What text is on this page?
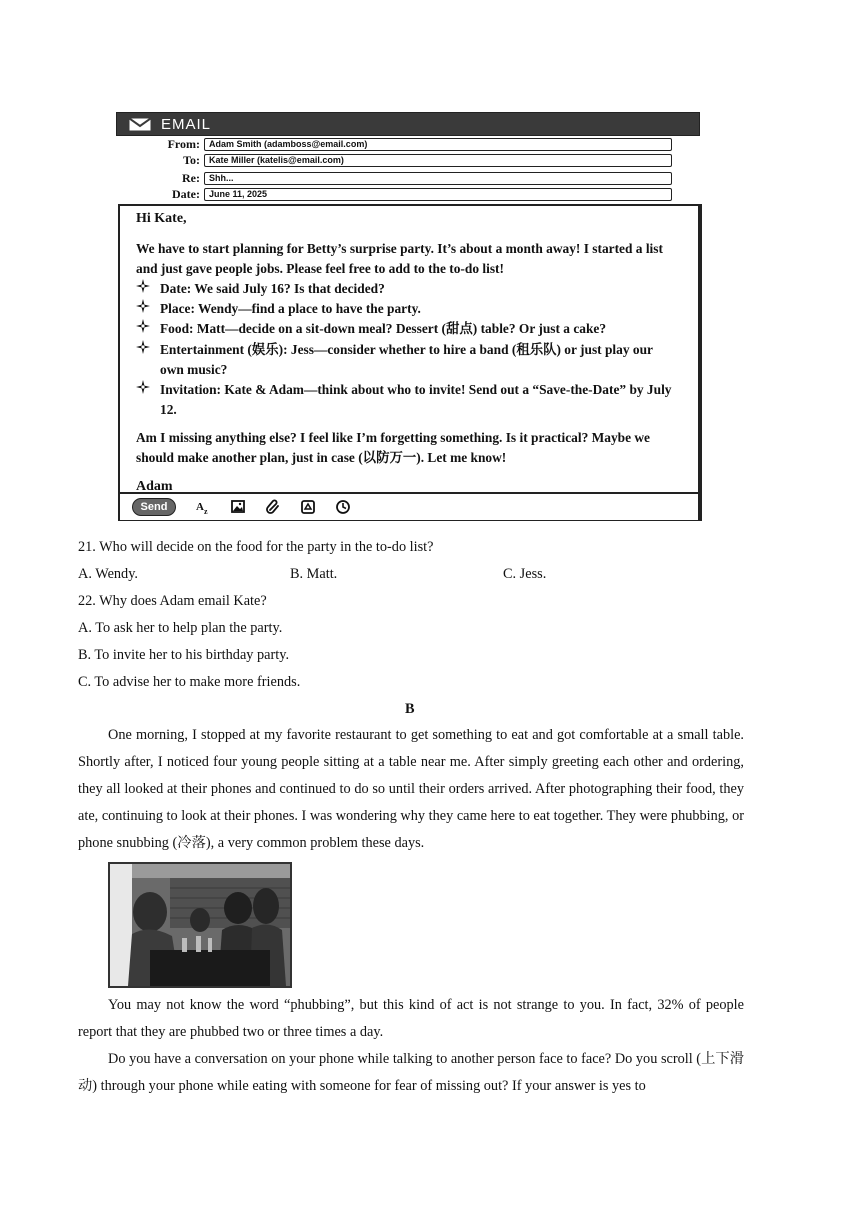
EMAIL
From:	Adam Smith (adamboss@email.com)
To:	Kate Miller (katelis@email.com)
Re:	Shh...
Date:	June 11, 2025

Hi Kate,

We have to start planning for Betty’s surprise party. It’s about a month away! I started a list and just gave people jobs. Please feel free to add to the to-do list!

Date: We said July 16? Is that decided?
Place: Wendy—find a place to have the party.
Food: Matt—decide on a sit-down meal? Dessert (甜点) table? Or just a cake?
Entertainment (娱乐): Jess—consider whether to hire a band (租乐队) or just play our own music?
Invitation: Kate & Adam—think about who to invite! Send out a “Save-the-Date” by July 12.

Am I missing anything else? I feel like I’m forgetting something. Is it practical? Maybe we should make another plan, just in case (以防万一). Let me know!

Adam

Send	A z
21. Who will decide on the food for the party in the to-do list?
A. Wendy.	B. Matt.	C. Jess.
22. Why does Adam email Kate?
A. To ask her to help plan the party.
B. To invite her to his birthday party.
C. To advise her to make more friends.
B

One morning, I stopped at my favorite restaurant to get something to eat and got comfortable at a small table. Shortly after, I noticed four young people sitting at a table near me. After simply greeting each other and ordering, they all looked at their phones and continued to do so until their orders arrived. After photographing their food, they ate, continuing to look at their phones. I was wondering why they came here to eat together. They were phubbing, or phone snubbing (冷落), a very common problem these days.

You may not know the word “phubbing”, but this kind of act is not strange to you. In fact, 32% of people report that they are phubbed two or three times a day.

Do you have a conversation on your phone while talking to another person face to face? Do you scroll (上下滑动) through your phone while eating with someone for fear of missing out? If your answer is yes to
